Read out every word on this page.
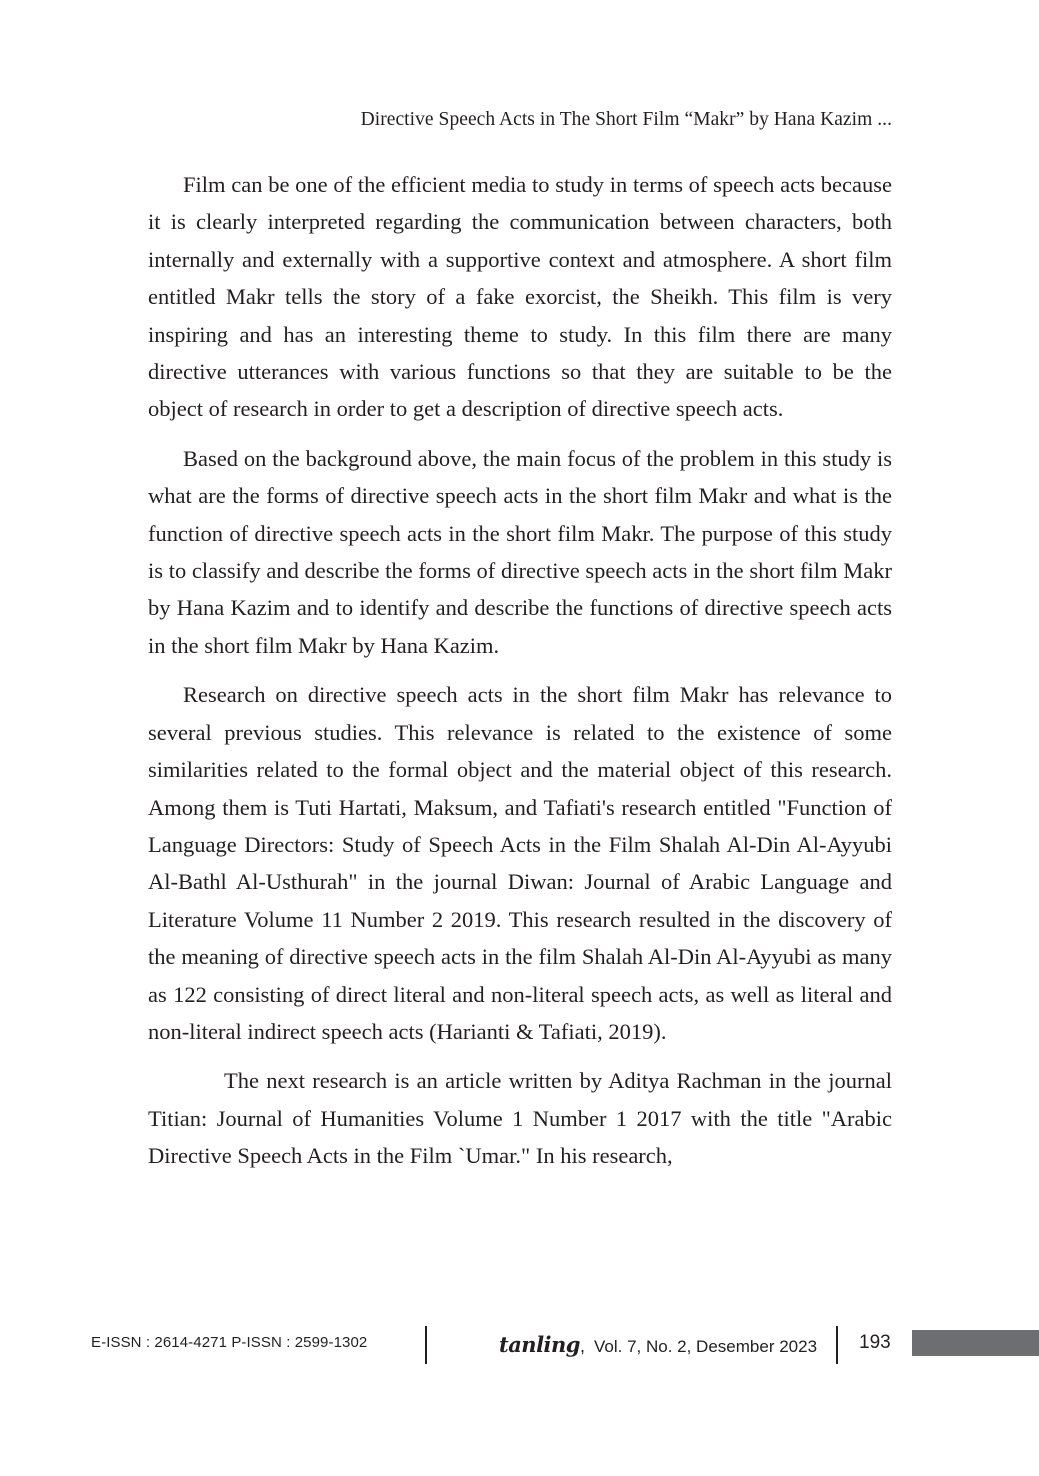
Directive Speech Acts in The Short Film “Makr” by Hana Kazim ...

Film can be one of the efficient media to study in terms of speech acts because it is clearly interpreted regarding the communication between characters, both internally and externally with a supportive context and atmosphere. A short film entitled Makr tells the story of a fake exorcist, the Sheikh. This film is very inspiring and has an interesting theme to study. In this film there are many directive utterances with various functions so that they are suitable to be the object of research in order to get a description of directive speech acts.

Based on the background above, the main focus of the problem in this study is what are the forms of directive speech acts in the short film Makr and what is the function of directive speech acts in the short film Makr. The purpose of this study is to classify and describe the forms of directive speech acts in the short film Makr by Hana Kazim and to identify and describe the functions of directive speech acts in the short film Makr by Hana Kazim.

Research on directive speech acts in the short film Makr has relevance to several previous studies. This relevance is related to the existence of some similarities related to the formal object and the material object of this research. Among them is Tuti Hartati, Maksum, and Tafiati's research entitled "Function of Language Directors: Study of Speech Acts in the Film Shalah Al-Din Al-Ayyubi Al-Bathl Al-Usthurah" in the journal Diwan: Journal of Arabic Language and Literature Volume 11 Number 2 2019. This research resulted in the discovery of the meaning of directive speech acts in the film Shalah Al-Din Al-Ayyubi as many as 122 consisting of direct literal and non-literal speech acts, as well as literal and non-literal indirect speech acts (Harianti & Tafiati, 2019).

The next research is an article written by Aditya Rachman in the journal Titian: Journal of Humanities Volume 1 Number 1 2017 with the title "Arabic Directive Speech Acts in the Film `Umar." In his research,

E-ISSN : 2614-4271 P-ISSN : 2599-1302	tanling , Vol. 7, No. 2, Desember 2023 193
